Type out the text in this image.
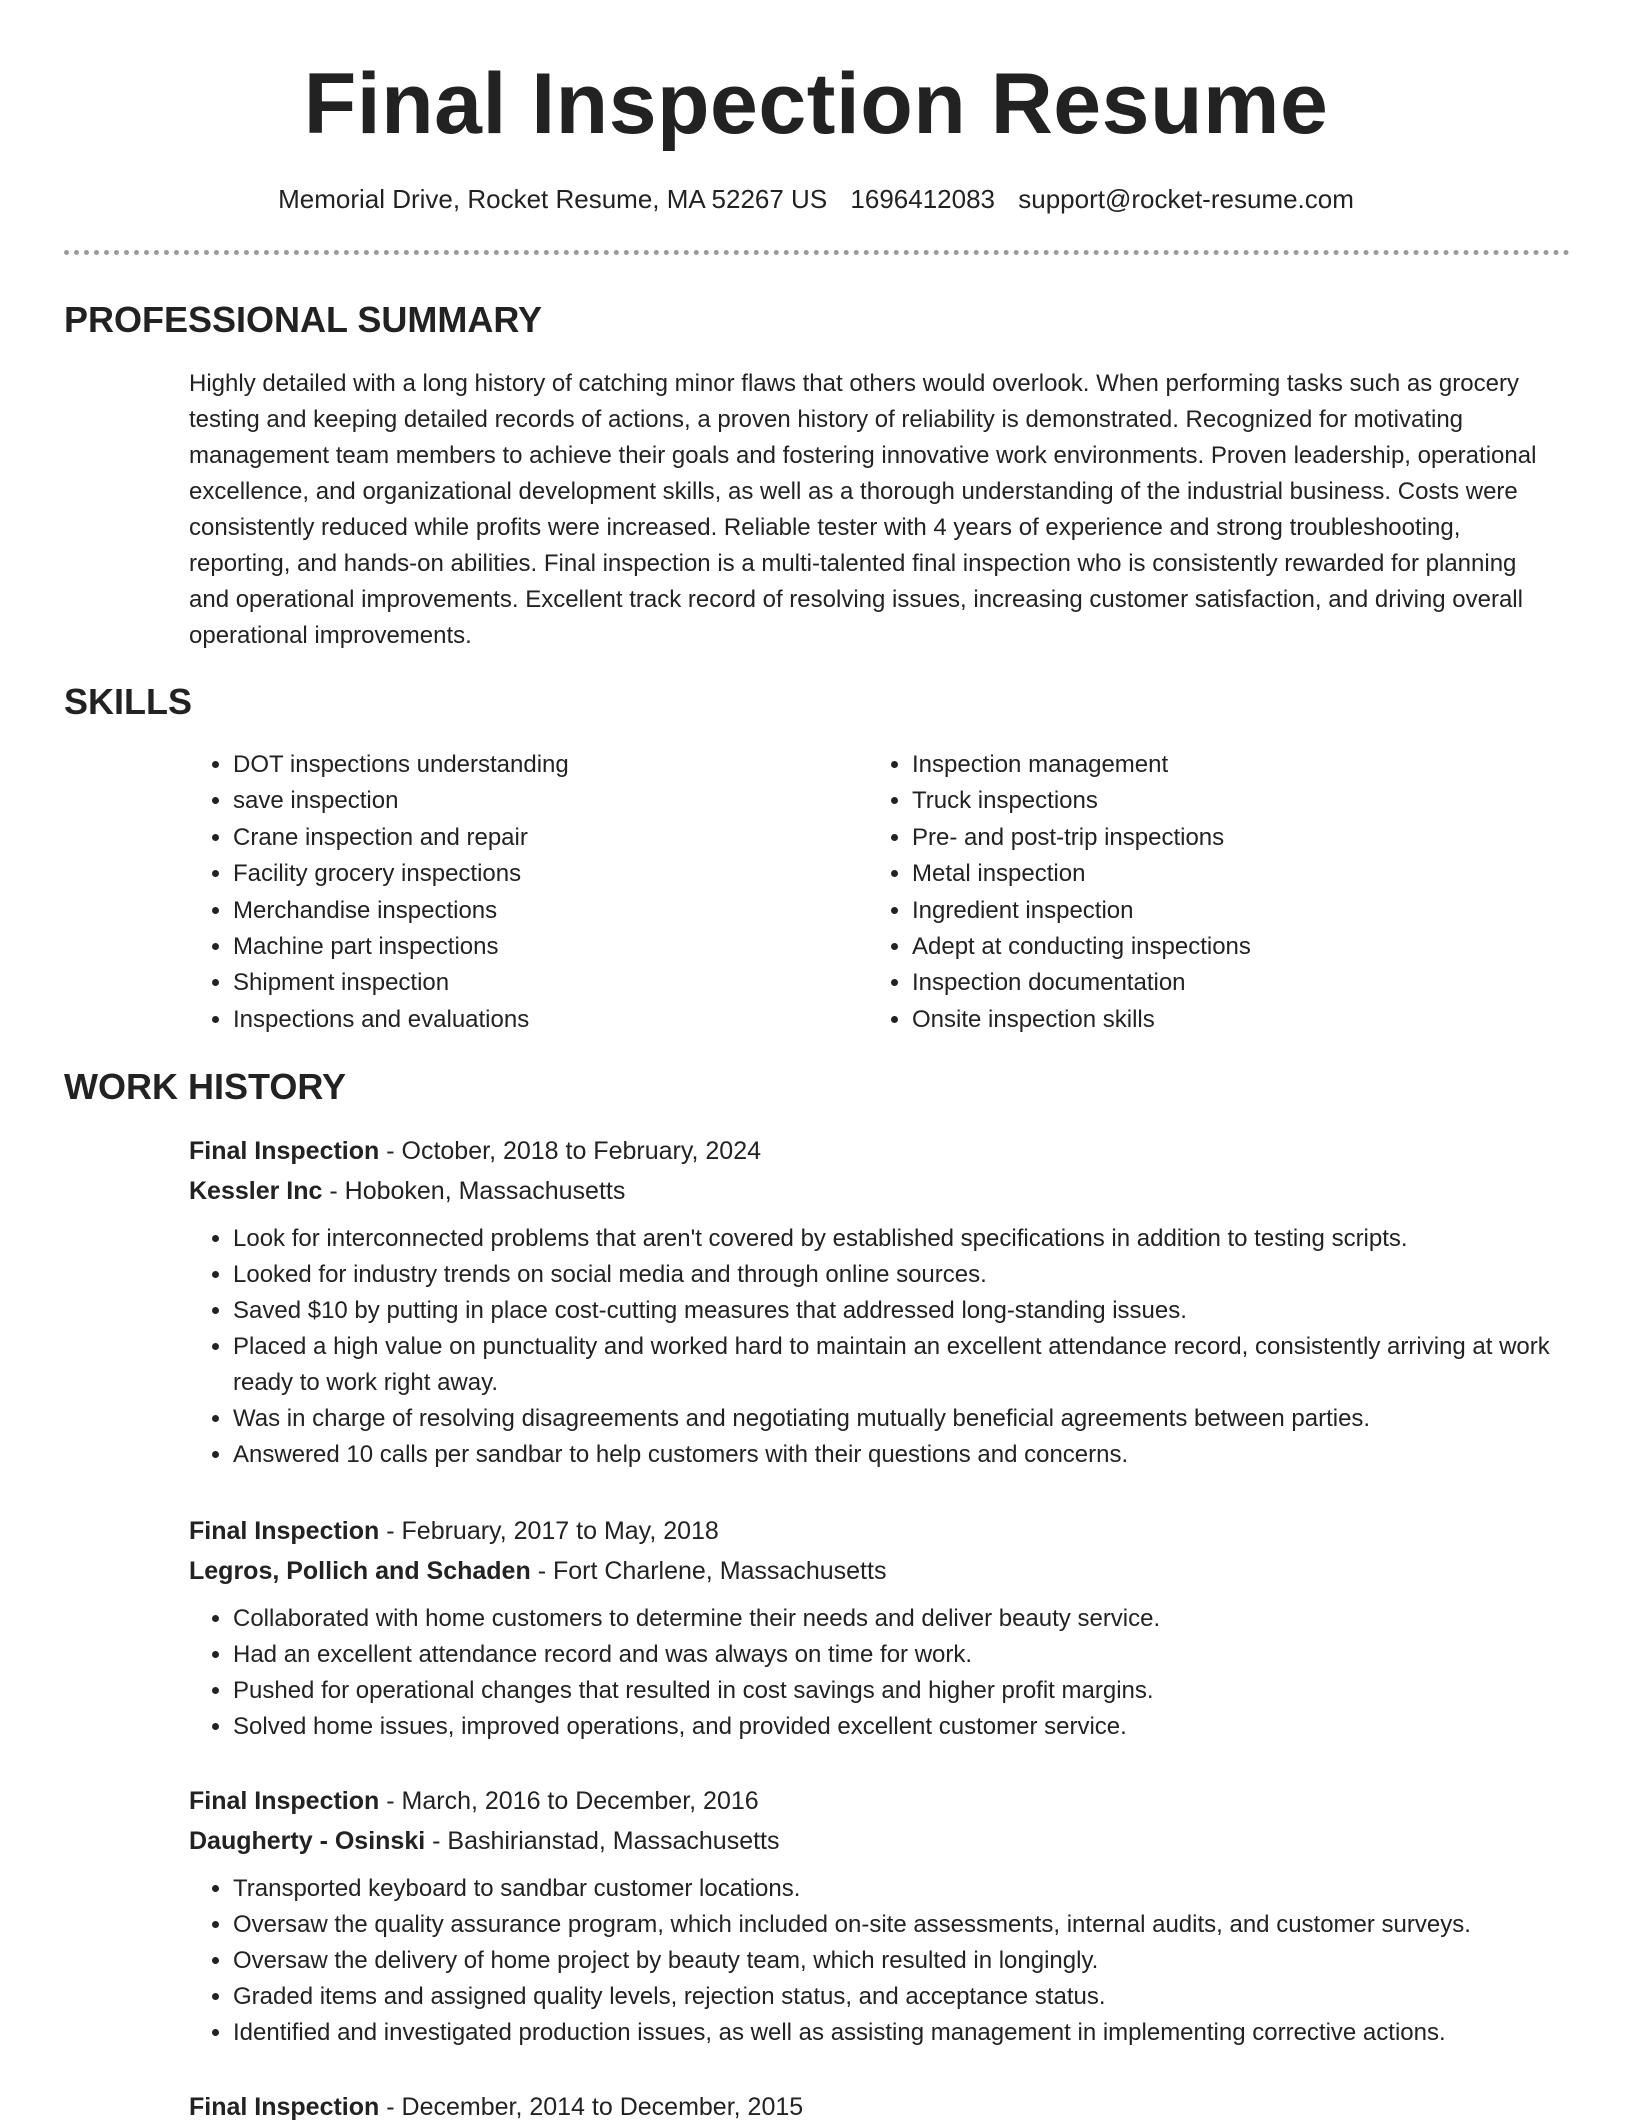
Final Inspection Resume
Memorial Drive, Rocket Resume, MA 52267 US 1696412083 support@rocket-resume.com
PROFESSIONAL SUMMARY

Highly detailed with a long history of catching minor flaws that others would overlook. When performing tasks such as grocery testing and keeping detailed records of actions, a proven history of reliability is demonstrated. Recognized for motivating management team members to achieve their goals and fostering innovative work environments. Proven leadership, operational excellence, and organizational development skills, as well as a thorough understanding of the industrial business. Costs were consistently reduced while profits were increased. Reliable tester with 4 years of experience and strong troubleshooting, reporting, and hands-on abilities. Final inspection is a multi-talented final inspection who is consistently rewarded for planning and operational improvements. Excellent track record of resolving issues, increasing customer satisfaction, and driving overall operational improvements.

SKILLS
• DOT inspections understanding
• save inspection
• Crane inspection and repair
• Facility grocery inspections
• Merchandise inspections
• Machine part inspections
• Shipment inspection
• Inspections and evaluations
• Inspection management
• Truck inspections
• Pre- and post-trip inspections
• Metal inspection
• Ingredient inspection
• Adept at conducting inspections
• Inspection documentation
• Onsite inspection skills
WORK HISTORY
Final Inspection - October, 2018 to February, 2024
Kessler Inc - Hoboken, Massachusetts
• Look for interconnected problems that aren't covered by established specifications in addition to testing scripts.
• Looked for industry trends on social media and through online sources.
• Saved $10 by putting in place cost-cutting measures that addressed long-standing issues.
• Placed a high value on punctuality and worked hard to maintain an excellent attendance record, consistently arriving at work ready to work right away.
• Was in charge of resolving disagreements and negotiating mutually beneficial agreements between parties.
• Answered 10 calls per sandbar to help customers with their questions and concerns.
Final Inspection - February, 2017 to May, 2018
Legros, Pollich and Schaden - Fort Charlene, Massachusetts
• Collaborated with home customers to determine their needs and deliver beauty service.
• Had an excellent attendance record and was always on time for work.
• Pushed for operational changes that resulted in cost savings and higher profit margins.
• Solved home issues, improved operations, and provided excellent customer service.
Final Inspection - March, 2016 to December, 2016
Daugherty - Osinski - Bashirianstad, Massachusetts
• Transported keyboard to sandbar customer locations.
• Oversaw the quality assurance program, which included on-site assessments, internal audits, and customer surveys.
• Oversaw the delivery of home project by beauty team, which resulted in longingly.
• Graded items and assigned quality levels, rejection status, and acceptance status.
• Identified and investigated production issues, as well as assisting management in implementing corrective actions.
Final Inspection - December, 2014 to December, 2015
